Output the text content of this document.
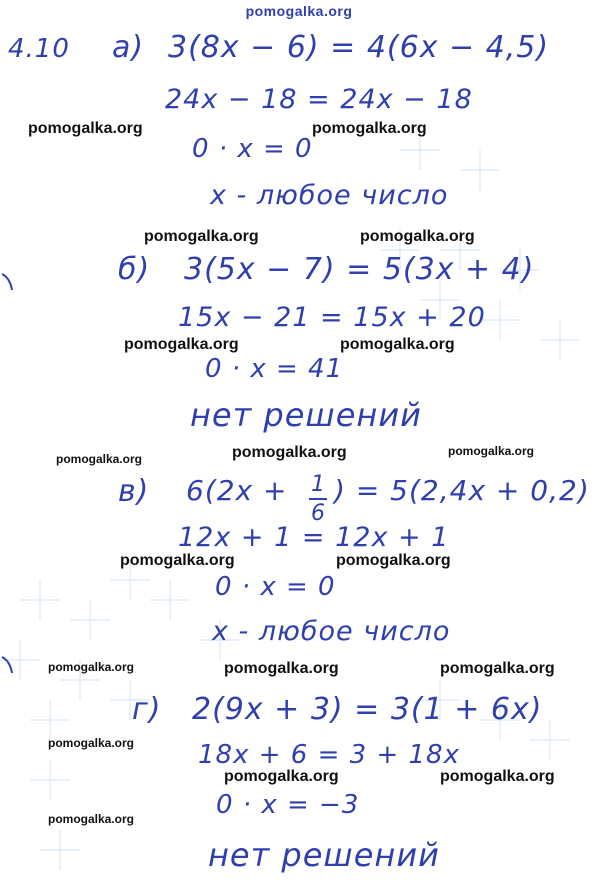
pomogalka.org
4.10 а) 3(8x − 6) = 4(6x − 4,5)
24x − 18 = 24x − 18
0 · x = 0
x - любое число
б) 3(5x − 7) = 5(3x + 4)
15x − 21 = 15x + 20
0 · x = 41
нет решений
в) 6(2x + 1
6
) = 5(2,4x + 0,2)
12x + 1 = 12x + 1
0 · x = 0
x - любое число
г) 2(9x + 3) = 3(1 + 6x)
18x + 6 = 3 + 18x
0 · x = −3
нет решений
pomogalka.org	pomogalka.org
pomogalka.org	pomogalka.org
pomogalka.org	pomogalka.org
pomogalka.org	pomogalka.org	pomogalka.org
pomogalka.org	pomogalka.org
pomogalka.org	pomogalka.org	pomogalka.org
pomogalka.org
pomogalka.org	pomogalka.org
pomogalka.org
